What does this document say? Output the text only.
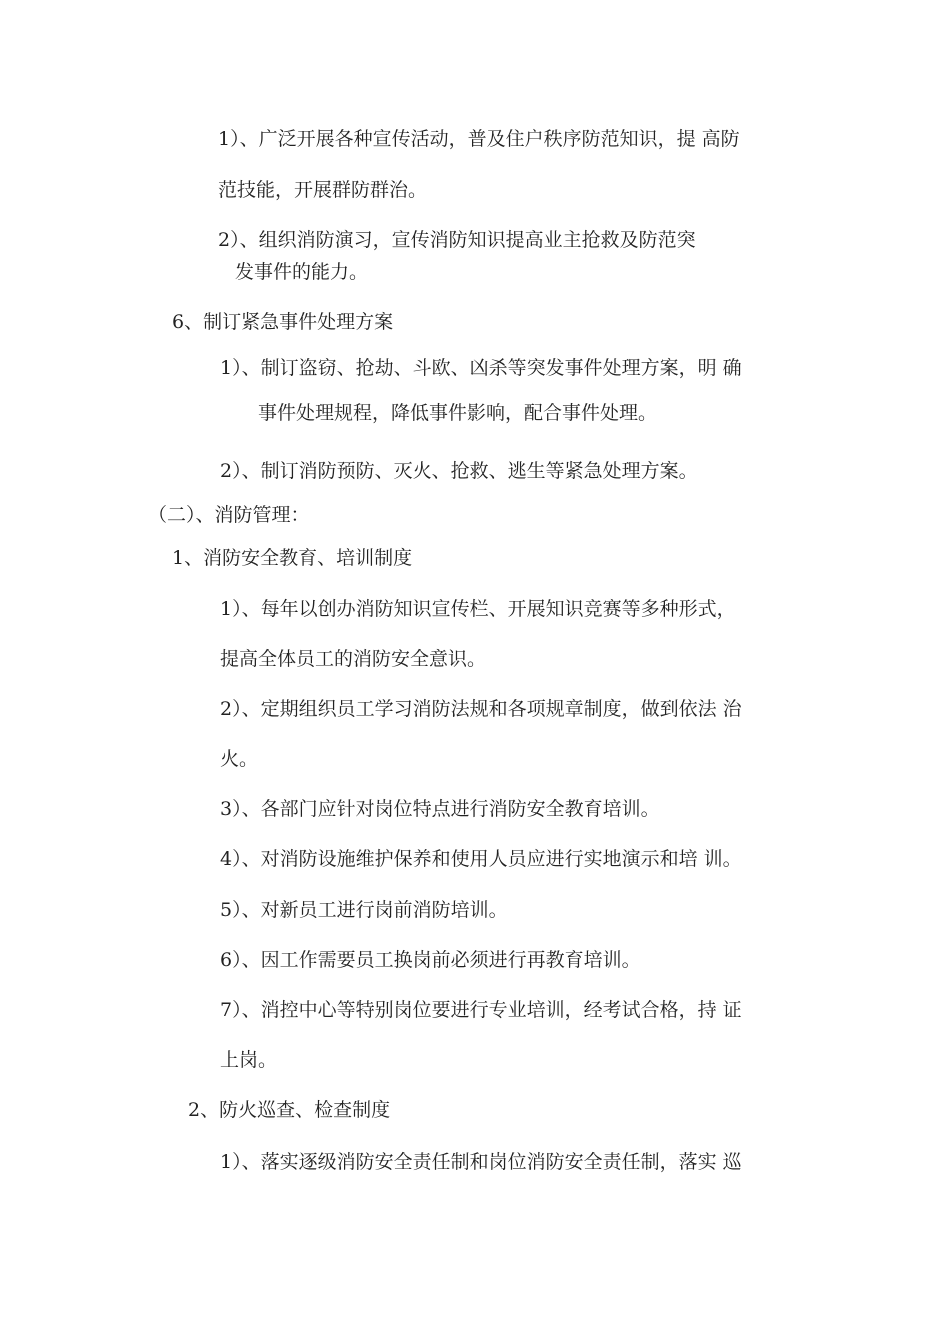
1）、广泛开展各种宣传活动，普及住户秩序防范知识，提 高防
范技能，开展群防群治。
2）、组织消防演习，宣传消防知识提高业主抢救及防范突
发事件的能力。
6、制订紧急事件处理方案
1）、制订盗窃、抢劫、斗欧、凶杀等突发事件处理方案，明 确
事件处理规程，降低事件影响，配合事件处理。
2）、制订消防预防、灭火、抢救、逃生等紧急处理方案。
（二）、消防管理：
1、消防安全教育、培训制度
1）、每年以创办消防知识宣传栏、开展知识竞赛等多种形式，
提高全体员工的消防安全意识。
2）、定期组织员工学习消防法规和各项规章制度，做到依法 治
火。
3）、各部门应针对岗位特点进行消防安全教育培训。
4）、对消防设施维护保养和使用人员应进行实地演示和培 训。
5）、对新员工进行岗前消防培训。
6）、因工作需要员工换岗前必须进行再教育培训。
7）、消控中心等特别岗位要进行专业培训，经考试合格，持 证
上岗。
2、防火巡查、检查制度
1）、落实逐级消防安全责任制和岗位消防安全责任制，落实 巡
